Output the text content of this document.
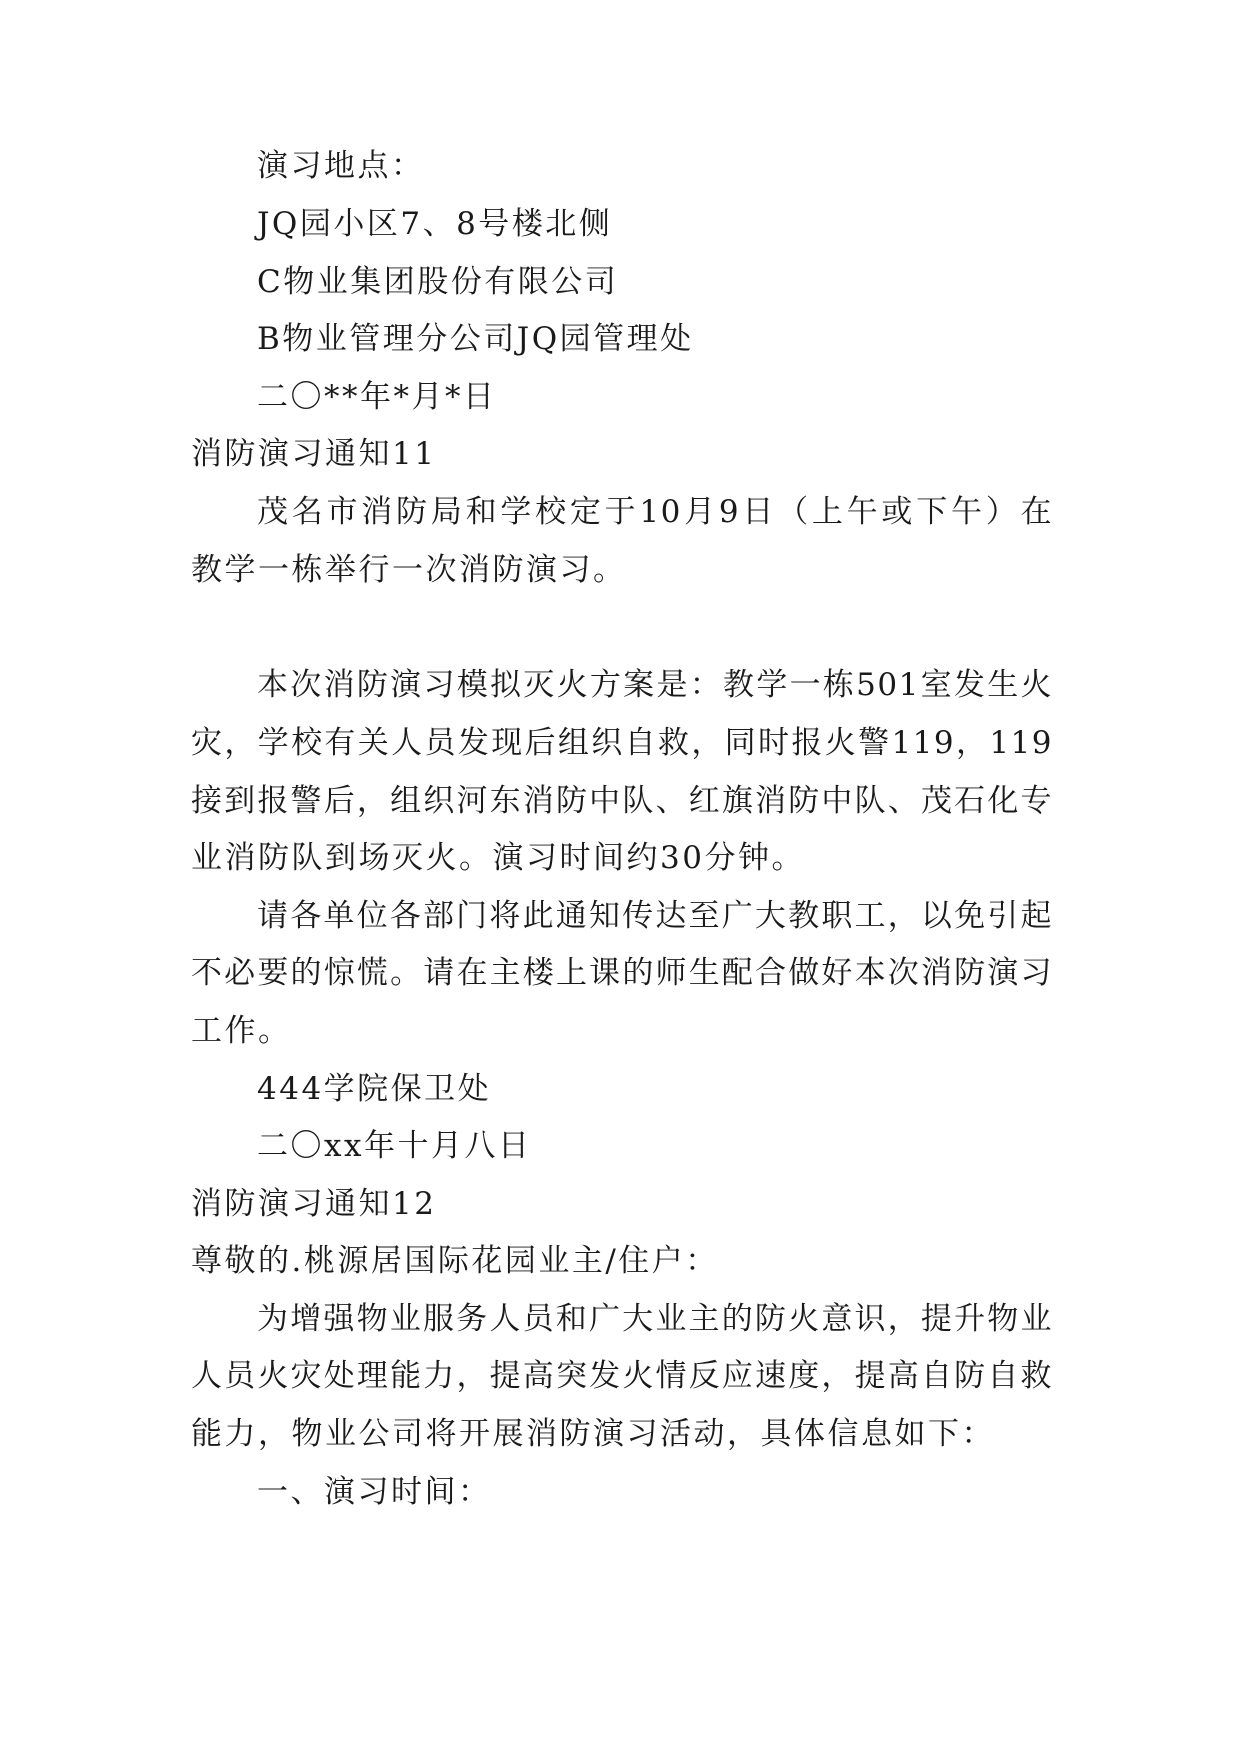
演习地点：

JQ园小区7、8号楼北侧

C物业集团股份有限公司

B物业管理分公司JQ园管理处

二〇**年*月*日

消防演习通知11

茂名市消防局和学校定于10月9日（上午或下午）在

教学一栋举行一次消防演习。

本次消防演习模拟灭火方案是：教学一栋501室发生火

灾，学校有关人员发现后组织自救，同时报火警119，119

接到报警后，组织河东消防中队、红旗消防中队、茂石化专

业消防队到场灭火。演习时间约30分钟。

请各单位各部门将此通知传达至广大教职工，以免引起

不必要的惊慌。请在主楼上课的师生配合做好本次消防演习

工作。

444学院保卫处

二〇xx年十月八日

消防演习通知12

尊敬的.桃源居国际花园业主/住户：

为增强物业服务人员和广大业主的防火意识，提升物业

人员火灾处理能力，提高突发火情反应速度，提高自防自救

能力，物业公司将开展消防演习活动，具体信息如下：

一、演习时间：
